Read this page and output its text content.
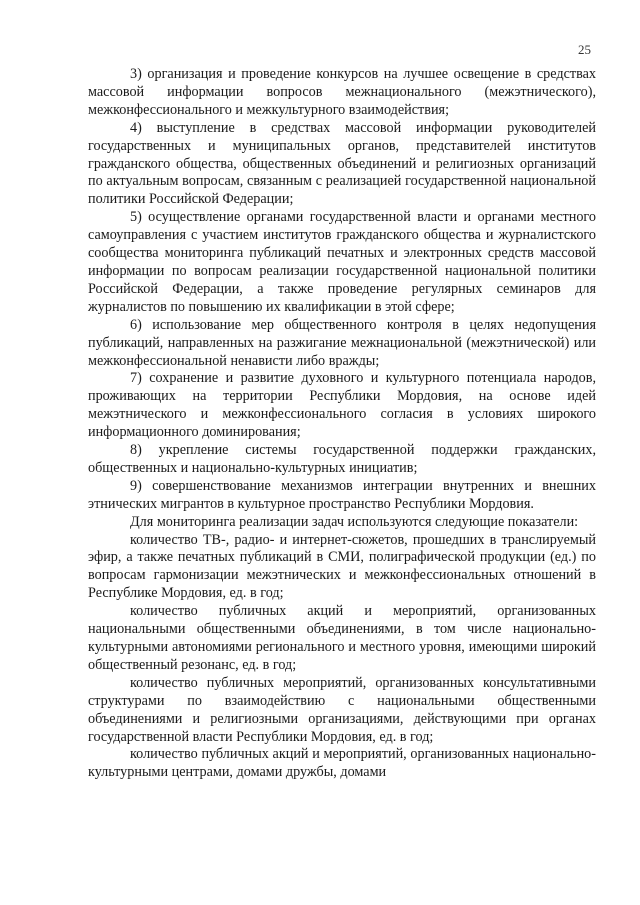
25

3) организация и проведение конкурсов на лучшее освещение в средствах массовой информации вопросов межнационального (межэтнического), межконфессионального и межкультурного взаимодействия;

4) выступление в средствах массовой информации руководителей государственных и муниципальных органов, представителей институтов гражданского общества, общественных объединений и религиозных организаций по актуальным вопросам, связанным с реализацией государственной национальной политики Российской Федерации;

5) осуществление органами государственной власти и органами местного самоуправления с участием институтов гражданского общества и журналистского сообщества мониторинга публикаций печатных и электронных средств массовой информации по вопросам реализации государственной национальной политики Российской Федерации, а также проведение регулярных семинаров для журналистов по повышению их квалификации в этой сфере;

6) использование мер общественного контроля в целях недопущения публикаций, направленных на разжигание межнациональной (межэтнической) или межконфессиональной ненависти либо вражды;

7) сохранение и развитие духовного и культурного потенциала народов, проживающих на территории Республики Мордовия, на основе идей межэтнического и межконфессионального согласия в условиях широкого информационного доминирования;

8) укрепление системы государственной поддержки гражданских, общественных и национально-культурных инициатив;

9) совершенствование механизмов интеграции внутренних и внешних этнических мигрантов в культурное пространство Республики Мордовия.

Для мониторинга реализации задач используются следующие показатели:

количество ТВ-, радио- и интернет-сюжетов, прошедших в транслируемый эфир, а также печатных публикаций в СМИ, полиграфической продукции (ед.) по вопросам гармонизации межэтнических и межконфессиональных отношений в Республике Мордовия, ед. в год;

количество публичных акций и мероприятий, организованных национальными общественными объединениями, в том числе национально-культурными автономиями регионального и местного уровня, имеющими широкий общественный резонанс, ед. в год;

количество публичных мероприятий, организованных консультативными структурами по взаимодействию с национальными общественными объединениями и религиозными организациями, действующими при органах государственной власти Республики Мордовия, ед. в год;

количество публичных акций и мероприятий, организованных национально-культурными центрами, домами дружбы, домами
